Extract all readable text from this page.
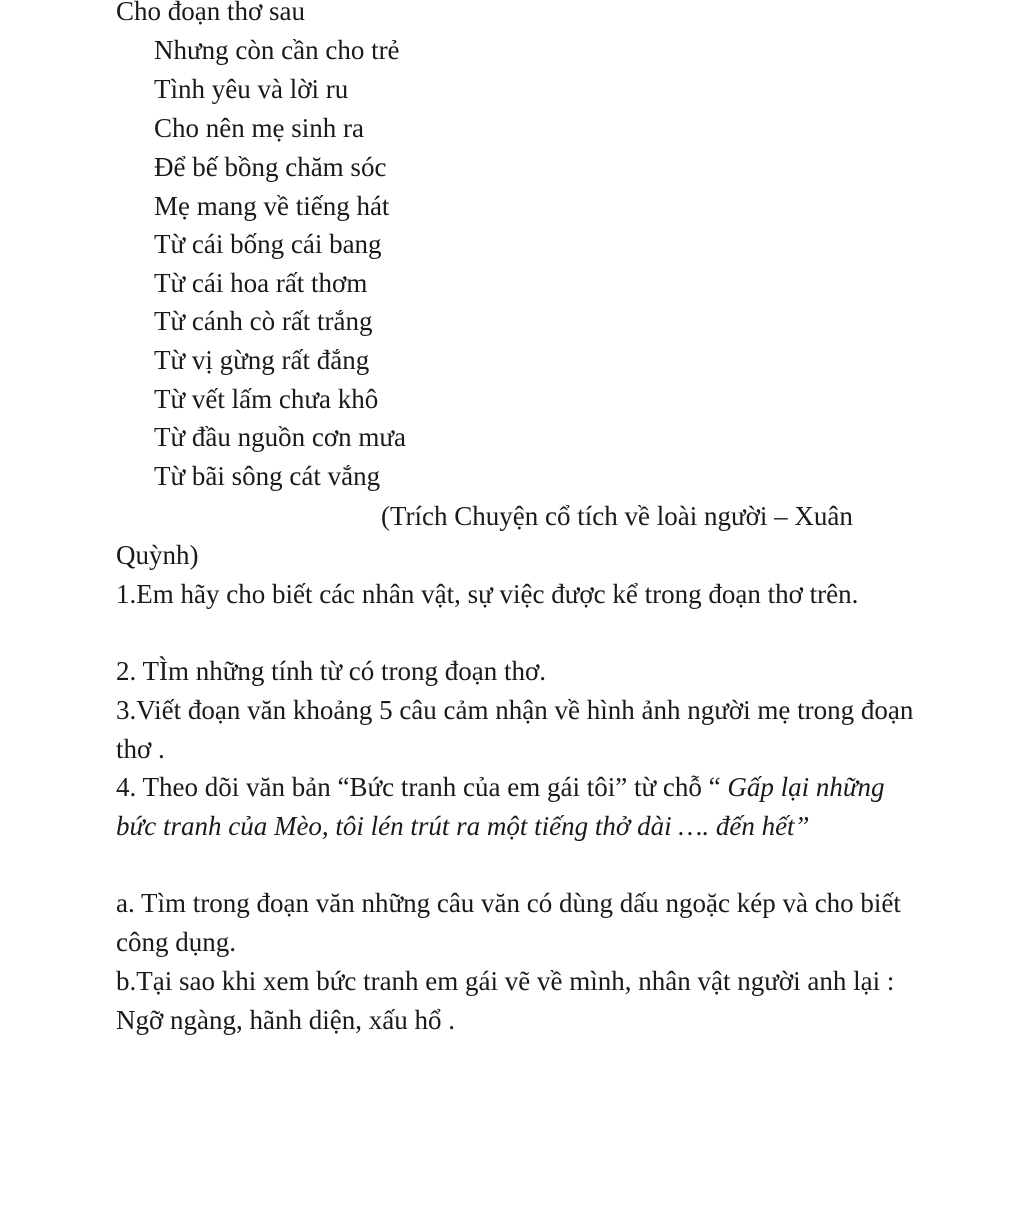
Cho đoạn thơ sau
Nhưng còn cần cho trẻ
Tình yêu và lời ru
Cho nên mẹ sinh ra
Để bế bồng chăm sóc
Mẹ mang về tiếng hát
Từ cái bống cái bang
Từ cái hoa rất thơm
Từ cánh cò rất trắng
Từ vị gừng rất đắng
Từ vết lấm chưa khô
Từ đầu nguồn cơn mưa
Từ bãi sông cát vắng
(Trích Chuyện cổ tích về loài người – Xuân Quỳnh)
1.Em hãy cho biết các nhân vật, sự việc được kể trong đoạn thơ trên.
2. TÌm những tính từ có trong đoạn thơ.
3.Viết đoạn văn khoảng 5 câu cảm nhận về hình ảnh người mẹ trong đoạn thơ .
4. Theo dõi văn bản “Bức tranh của em gái tôi” từ chỗ “ Gấp lại những bức tranh của Mèo, tôi lén trút ra một tiếng thở dài …. đến hết”
a. Tìm trong đoạn văn những câu văn có dùng dấu ngoặc kép và cho biết công dụng.
b.Tại sao khi xem bức tranh em gái vẽ về mình, nhân vật người anh lại : Ngỡ ngàng, hãnh diện, xấu hổ .
